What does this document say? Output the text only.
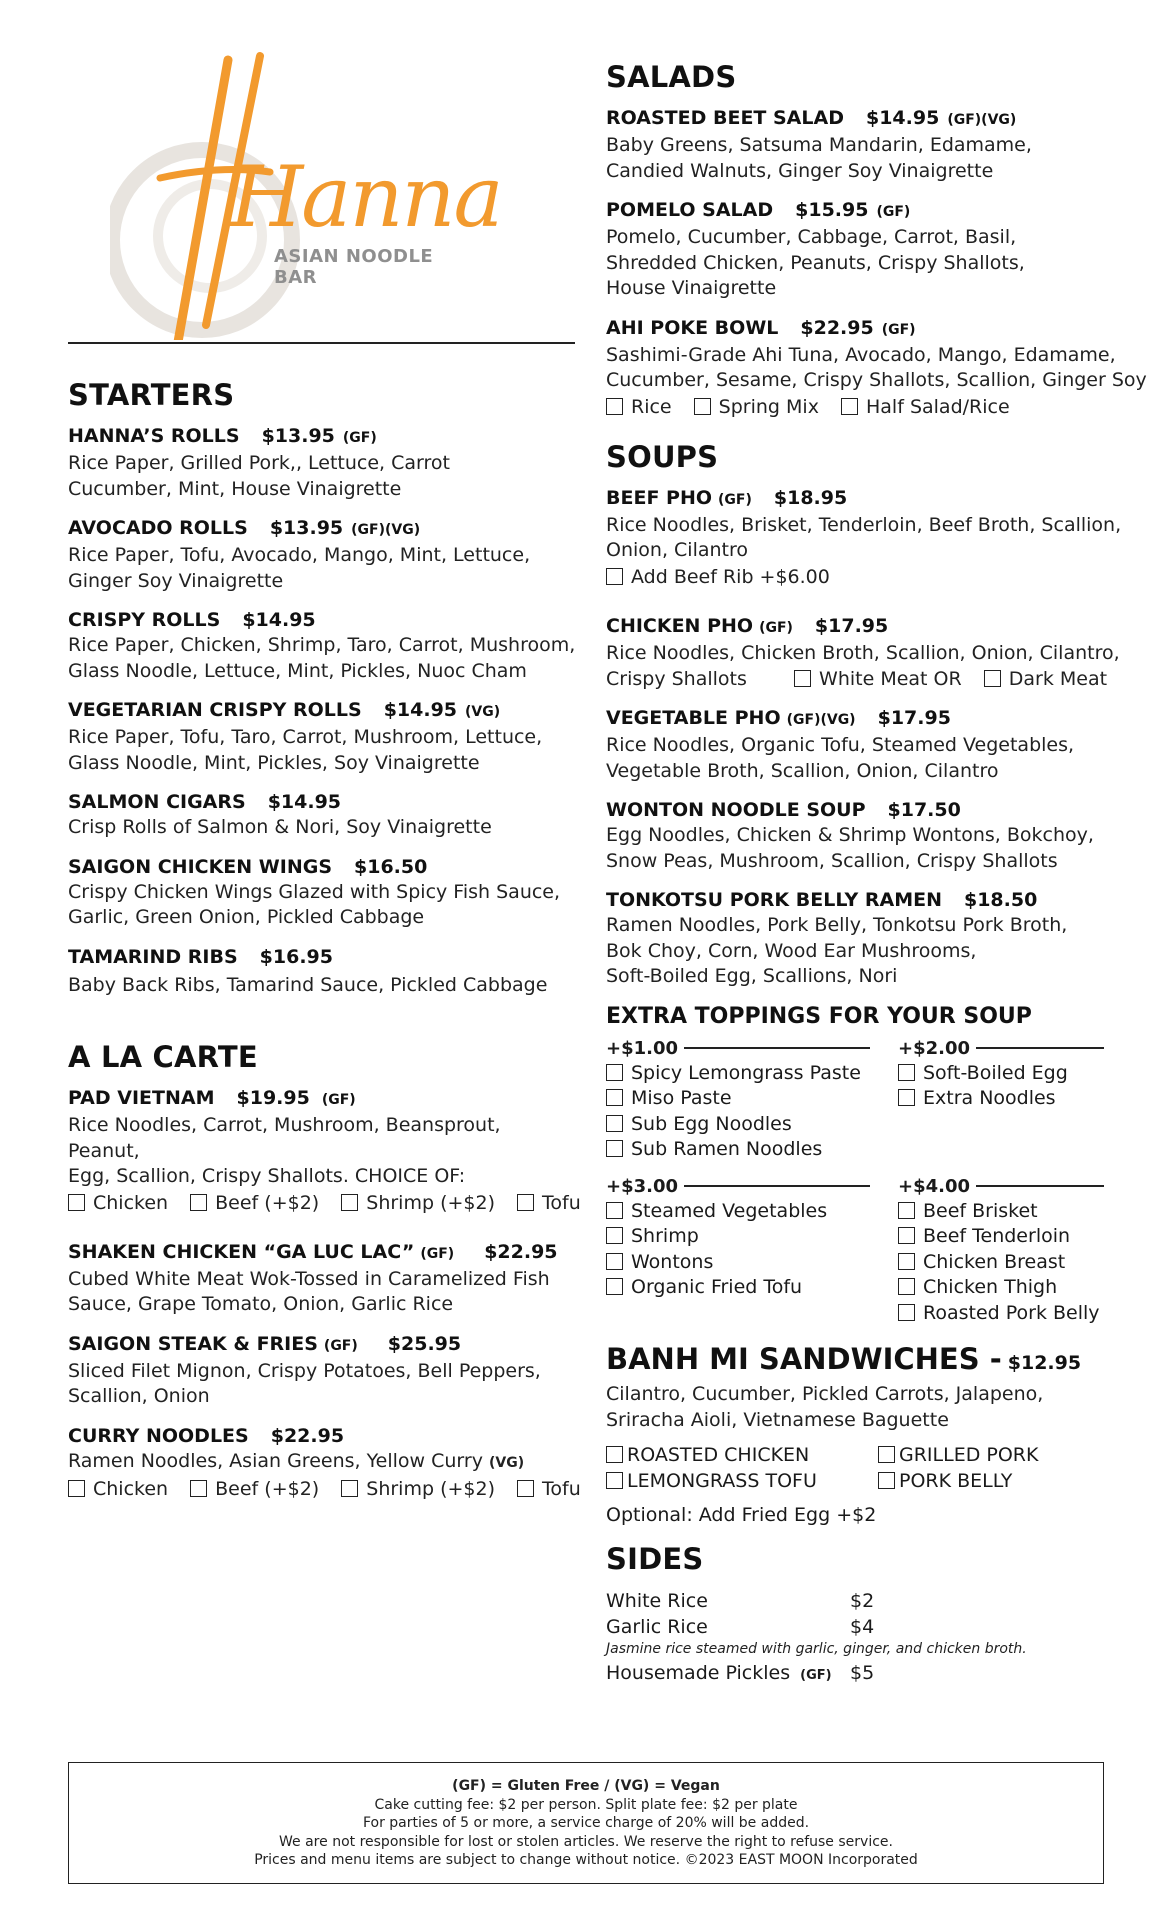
Hanna
ASIAN NOODLE BAR
STARTERS
HANNA’S ROLLS $13.95 (GF)
Rice Paper, Grilled Pork,, Lettuce, Carrot
Cucumber, Mint, House Vinaigrette
AVOCADO ROLLS $13.95 (GF)(VG)
Rice Paper, Tofu, Avocado, Mango, Mint, Lettuce,
Ginger Soy Vinaigrette
CRISPY ROLLS $14.95
Rice Paper, Chicken, Shrimp, Taro, Carrot, Mushroom,
Glass Noodle, Lettuce, Mint, Pickles, Nuoc Cham
VEGETARIAN CRISPY ROLLS $14.95 (VG)
Rice Paper, Tofu, Taro, Carrot, Mushroom, Lettuce,
Glass Noodle, Mint, Pickles, Soy Vinaigrette
SALMON CIGARS $14.95
Crisp Rolls of Salmon & Nori, Soy Vinaigrette
SAIGON CHICKEN WINGS $16.50
Crispy Chicken Wings Glazed with Spicy Fish Sauce,
Garlic, Green Onion, Pickled Cabbage
TAMARIND RIBS $16.95
Baby Back Ribs, Tamarind Sauce, Pickled Cabbage
A LA CARTE
PAD VIETNAM $19.95 (GF)
Rice Noodles, Carrot, Mushroom, Beansprout, Peanut,
Egg, Scallion, Crispy Shallots. CHOICE OF:
Chicken Beef (+$2) Shrimp (+$2) Tofu
SHAKEN CHICKEN “GA LUC LAC” (GF) $22.95
Cubed White Meat Wok-Tossed in Caramelized Fish
Sauce, Grape Tomato, Onion, Garlic Rice
SAIGON STEAK & FRIES (GF) $25.95
Sliced Filet Mignon, Crispy Potatoes, Bell Peppers,
Scallion, Onion
CURRY NOODLES $22.95
Ramen Noodles, Asian Greens, Yellow Curry (VG)
Chicken Beef (+$2) Shrimp (+$2) Tofu
SALADS
ROASTED BEET SALAD $14.95 (GF)(VG)
Baby Greens, Satsuma Mandarin, Edamame,
Candied Walnuts, Ginger Soy Vinaigrette
POMELO SALAD $15.95 (GF)
Pomelo, Cucumber, Cabbage, Carrot, Basil,
Shredded Chicken, Peanuts, Crispy Shallots,
House Vinaigrette
AHI POKE BOWL $22.95 (GF)
Sashimi-Grade Ahi Tuna, Avocado, Mango, Edamame,
Cucumber, Sesame, Crispy Shallots, Scallion, Ginger Soy
Rice Spring Mix Half Salad/Rice
SOUPS
BEEF PHO (GF) $18.95
Rice Noodles, Brisket, Tenderloin, Beef Broth, Scallion,
Onion, Cilantro
Add Beef Rib +$6.00
CHICKEN PHO (GF) $17.95
Rice Noodles, Chicken Broth, Scallion, Onion, Cilantro,
Crispy Shallots	White Meat OR Dark Meat
VEGETABLE PHO (GF)(VG) $17.95
Rice Noodles, Organic Tofu, Steamed Vegetables,
Vegetable Broth, Scallion, Onion, Cilantro
WONTON NOODLE SOUP $17.50
Egg Noodles, Chicken & Shrimp Wontons, Bokchoy,
Snow Peas, Mushroom, Scallion, Crispy Shallots
TONKOTSU PORK BELLY RAMEN $18.50
Ramen Noodles, Pork Belly, Tonkotsu Pork Broth,
Bok Choy, Corn, Wood Ear Mushrooms,
Soft-Boiled Egg, Scallions, Nori
EXTRA TOPPINGS FOR YOUR SOUP
+$1.00
Spicy Lemongrass Paste
Miso Paste
Sub Egg Noodles
Sub Ramen Noodles
+$3.00
Steamed Vegetables
Shrimp
Wontons
Organic Fried Tofu
+$2.00
Soft-Boiled Egg
Extra Noodles
+$4.00
Beef Brisket
Beef Tenderloin
Chicken Breast
Chicken Thigh
Roasted Pork Belly
BANH MI SANDWICHES - $12.95
Cilantro, Cucumber, Pickled Carrots, Jalapeno,
Sriracha Aioli, Vietnamese Baguette
ROASTED CHICKEN	GRILLED PORK
LEMONGRASS TOFU	PORK BELLY
Optional: Add Fried Egg +$2
SIDES
White Rice	$2
Garlic Rice	$4
Jasmine rice steamed with garlic, ginger, and chicken broth.
Housemade Pickles (GF) $5
(GF) = Gluten Free / (VG) = Vegan
Cake cutting fee: $2 per person. Split plate fee: $2 per plate
For parties of 5 or more, a service charge of 20% will be added.
We are not responsible for lost or stolen articles. We reserve the right to refuse service.
Prices and menu items are subject to change without notice. ©2023 EAST MOON Incorporated
